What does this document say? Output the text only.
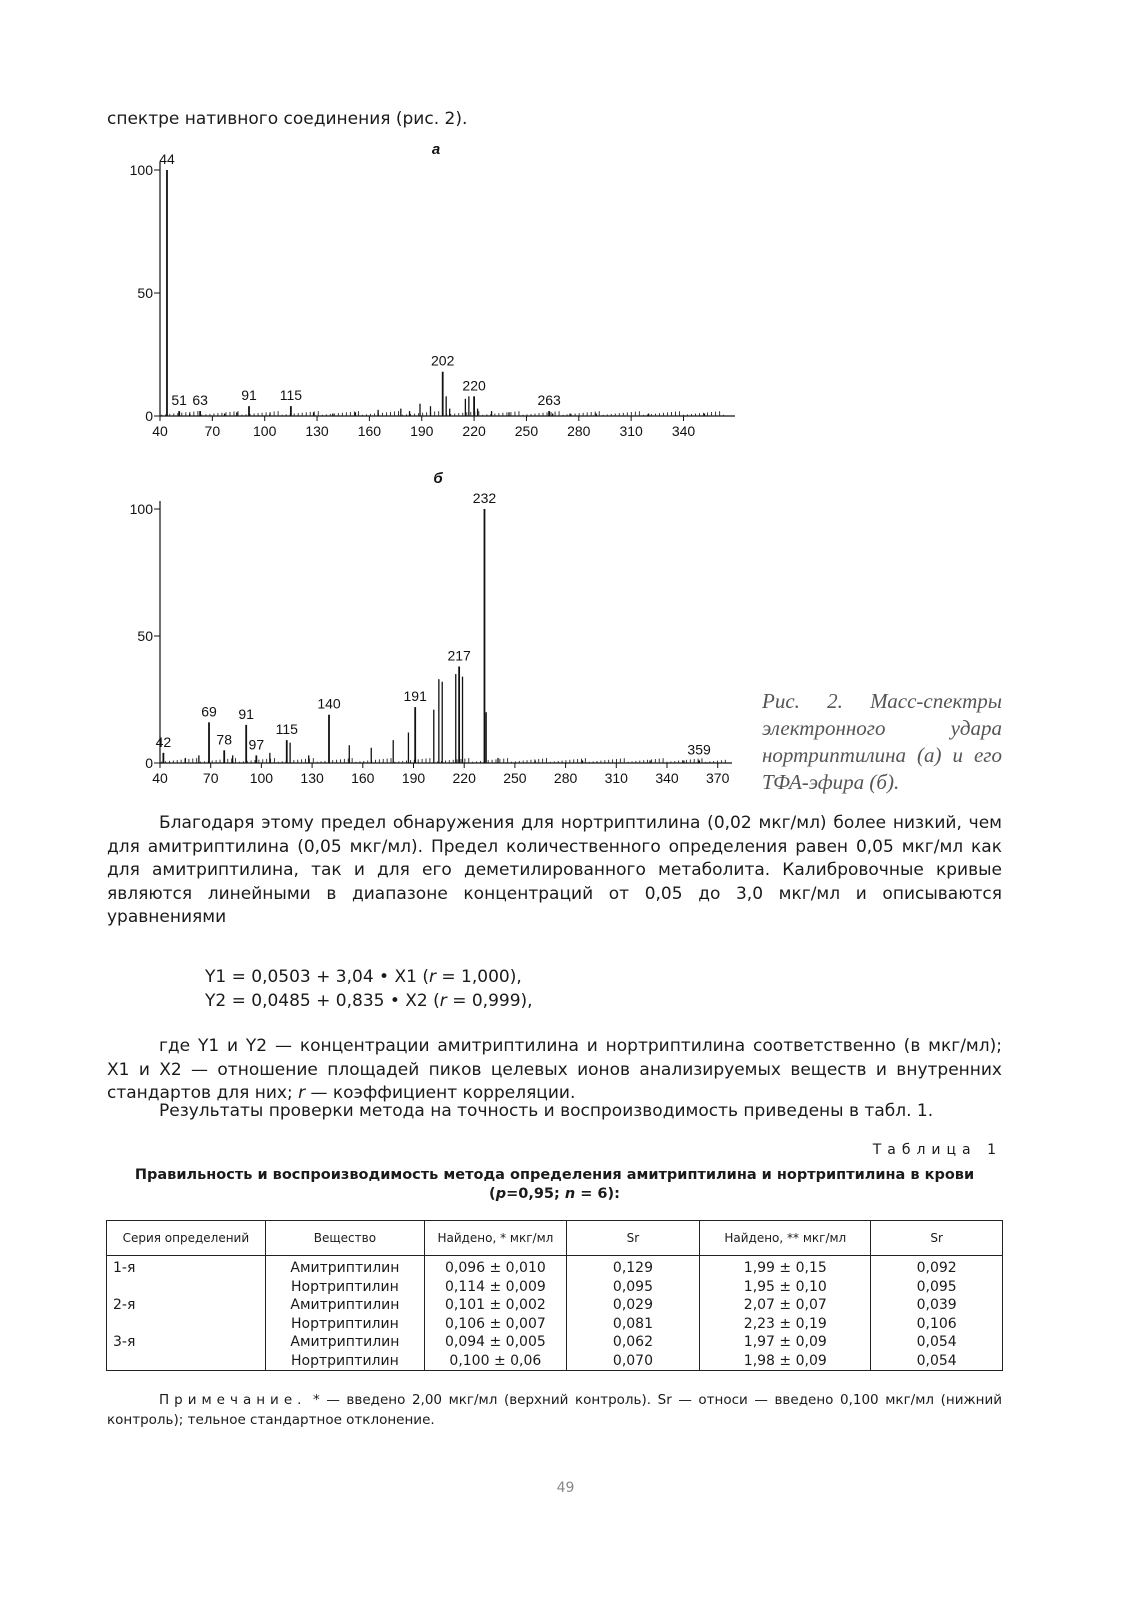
спектре нативного соединения (рис. 2).
0
50
100
40	70 100 130 160 190 220 250 280 310 340
44
51 63 91 115
202
220
263
а
0
50
100
40	70 100 130 160 190 220 250 280 310 340 370
42
69
78
91
97
115
140	191
217
232
359
б
Рис. 2. Масс-спектры электронного удара нортриптилина (а) и его ТФА-эфира (б).
Благодаря этому предел обнаружения для нортриптилина (0,02 мкг/мл) более низкий, чем для амитриптилина (0,05 мкг/мл). Предел количественного определения равен 0,05 мкг/мл как для амитриптилина, так и для его деметилированного метаболита. Калибровочные кривые являются линейными в диапазоне концентраций от 0,05 до 3,0 мкг/мл и описываются уравнениями
Y1 = 0,0503 + 3,04 • X1 (r = 1,000),
Y2 = 0,0485 + 0,835 • X2 (r = 0,999),
где Y1 и Y2 — концентрации амитриптилина и нортриптилина соответственно (в мкг/мл); X1 и X2 — отношение площадей пиков целевых ионов анализируемых веществ и внутренних стандартов для них; r — коэффициент корреляции.
Результаты проверки метода на точность и воспроизводимость приведены в табл. 1.
Таблица 1
Правильность и воспроизводимость метода определения амитриптилина и нортриптилина в крови
(p=0,95; n = 6):
Серия определений	Вещество	Найдено, * мкг/мл	Sr	Найдено, ** мкг/мл	Sr
1-я	Амитриптилин	0,096 ± 0,010	0,129	1,99 ± 0,15	0,092
	Нортриптилин	0,114 ± 0,009	0,095	1,95 ± 0,10	0,095
2-я	Амитриптилин	0,101 ± 0,002	0,029	2,07 ± 0,07	0,039
	Нортриптилин	0,106 ± 0,007	0,081	2,23 ± 0,19	0,106
3-я	Амитриптилин	0,094 ± 0,005	0,062	1,97 ± 0,09	0,054
	Нортриптилин	0,100 ± 0,06	0,070	1,98 ± 0,09	0,054
Примечание. * — введено 2,00 мкг/мл (верхний контроль). Sr — относи — введено 0,100 мкг/мл (нижний контроль); тельное стандартное отклонение.
49
